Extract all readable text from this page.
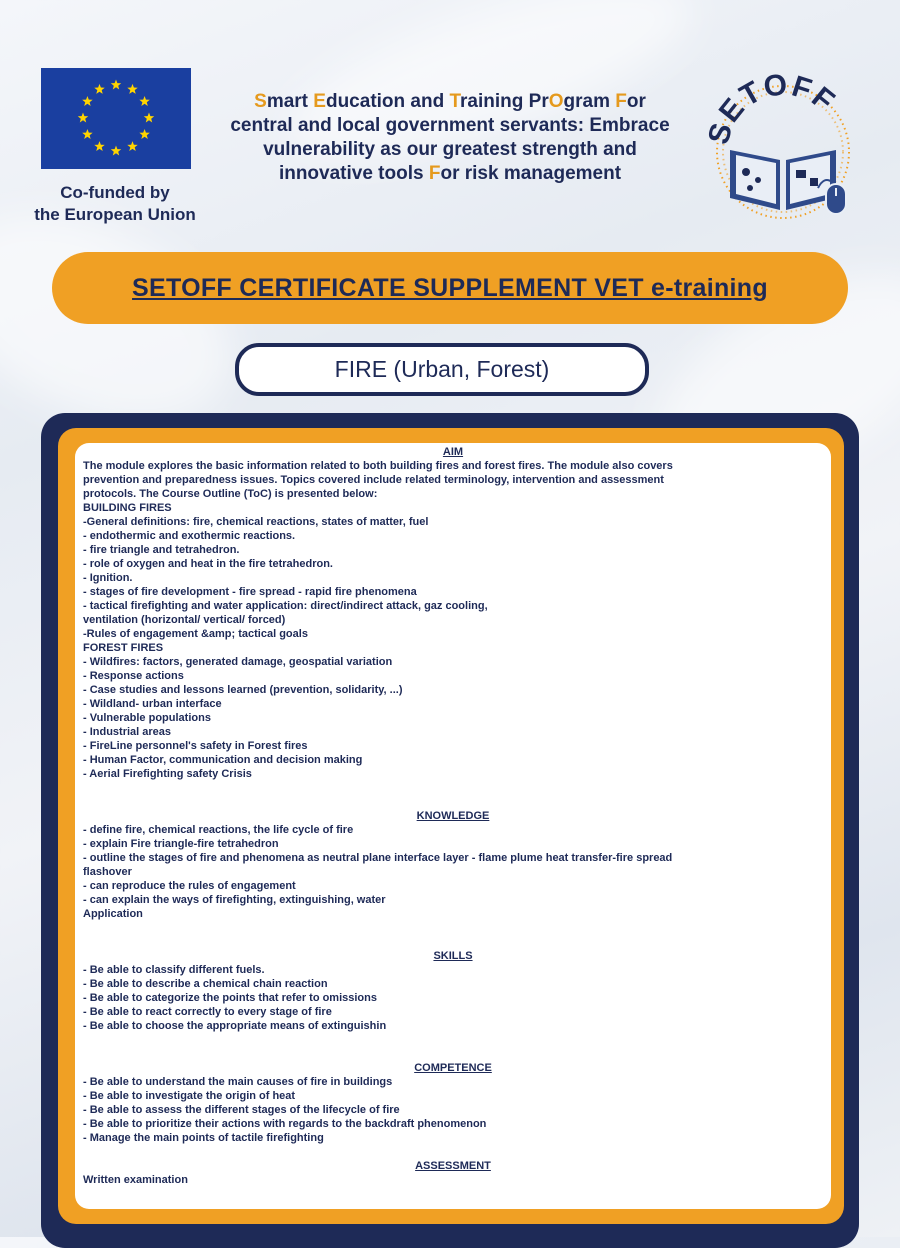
Co-funded by
the European Union
Smart Education and Training PrOgram For
central and local government servants: Embrace
vulnerability as our greatest strength and
innovative tools For risk management
SETOFF
SETOFF CERTIFICATE SUPPLEMENT VET e-training
FIRE (Urban, Forest)
AIM
The module explores the basic information related to both building fires and forest fires. The module also covers
prevention and preparedness issues. Topics covered include related terminology, intervention and assessment
protocols. The Course Outline (ToC) is presented below:
BUILDING FIRES
-General definitions: fire, chemical reactions, states of matter, fuel
- endothermic and exothermic reactions.
- fire triangle and tetrahedron.
- role of oxygen and heat in the fire tetrahedron.
- Ignition.
- stages of fire development - fire spread - rapid fire phenomena
- tactical firefighting and water application: direct/indirect attack, gaz cooling,
ventilation (horizontal/ vertical/ forced)
-Rules of engagement &amp; tactical goals
FOREST FIRES
- Wildfires: factors, generated damage, geospatial variation
- Response actions
- Case studies and lessons learned (prevention, solidarity, ...)
- Wildland- urban interface
- Vulnerable populations
- Industrial areas
- FireLine personnel's safety in Forest fires
- Human Factor, communication and decision making
- Aerial Firefighting safety Crisis
KNOWLEDGE
- define fire, chemical reactions, the life cycle of fire
- explain Fire triangle-fire tetrahedron
- outline the stages of fire and phenomena as neutral plane interface layer - flame plume heat transfer-fire spread
flashover
- can reproduce the rules of engagement
- can explain the ways of firefighting, extinguishing, water
Application
SKILLS
- Be able to classify different fuels.
- Be able to describe a chemical chain reaction
- Be able to categorize the points that refer to omissions
- Be able to react correctly to every stage of fire
- Be able to choose the appropriate means of extinguishin
COMPETENCE
- Be able to understand the main causes of fire in buildings
- Be able to investigate the origin of heat
- Be able to assess the different stages of the lifecycle of fire
- Be able to prioritize their actions with regards to the backdraft phenomenon
- Manage the main points of tactile firefighting
ASSESSMENT
Written examination
